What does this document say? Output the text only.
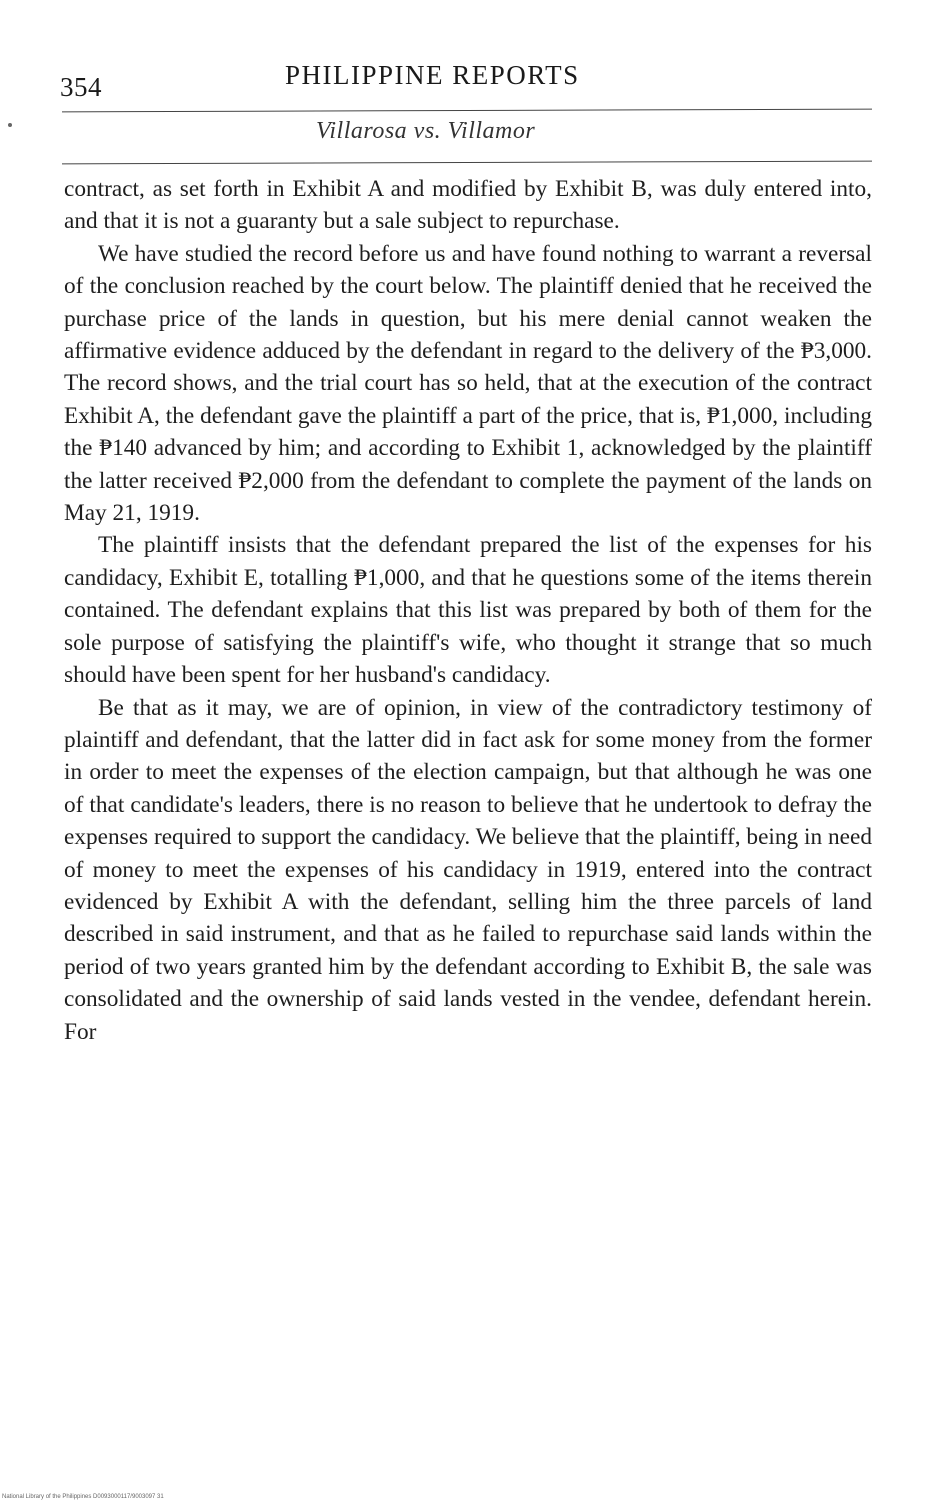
354	PHILIPPINE REPORTS
Villarosa vs. Villamor

contract, as set forth in Exhibit A and modified by Exhibit B, was duly entered into, and that it is not a guaranty but a sale subject to repurchase.

We have studied the record before us and have found nothing to warrant a reversal of the conclusion reached by the court below. The plaintiff denied that he received the purchase price of the lands in question, but his mere denial cannot weaken the affirmative evidence adduced by the defendant in regard to the delivery of the ₱3,000. The record shows, and the trial court has so held, that at the execution of the contract Exhibit A, the defendant gave the plaintiff a part of the price, that is, ₱1,000, including the ₱140 advanced by him; and according to Exhibit 1, acknowledged by the plaintiff the latter received ₱2,000 from the defendant to complete the payment of the lands on May 21, 1919.

The plaintiff insists that the defendant prepared the list of the expenses for his candidacy, Exhibit E, totalling ₱1,000, and that he questions some of the items therein contained. The defendant explains that this list was prepared by both of them for the sole purpose of satisfying the plaintiff's wife, who thought it strange that so much should have been spent for her husband's candidacy.

Be that as it may, we are of opinion, in view of the contradictory testimony of plaintiff and defendant, that the latter did in fact ask for some money from the former in order to meet the expenses of the election campaign, but that although he was one of that candidate's leaders, there is no reason to believe that he undertook to defray the expenses required to support the candidacy. We believe that the plaintiff, being in need of money to meet the expenses of his candidacy in 1919, entered into the contract evidenced by Exhibit A with the defendant, selling him the three parcels of land described in said instrument, and that as he failed to repurchase said lands within the period of two years granted him by the defendant according to Exhibit B, the sale was consolidated and the ownership of said lands vested in the vendee, defendant herein. For

National Library of the Philippines D0093000117/9003097 31
